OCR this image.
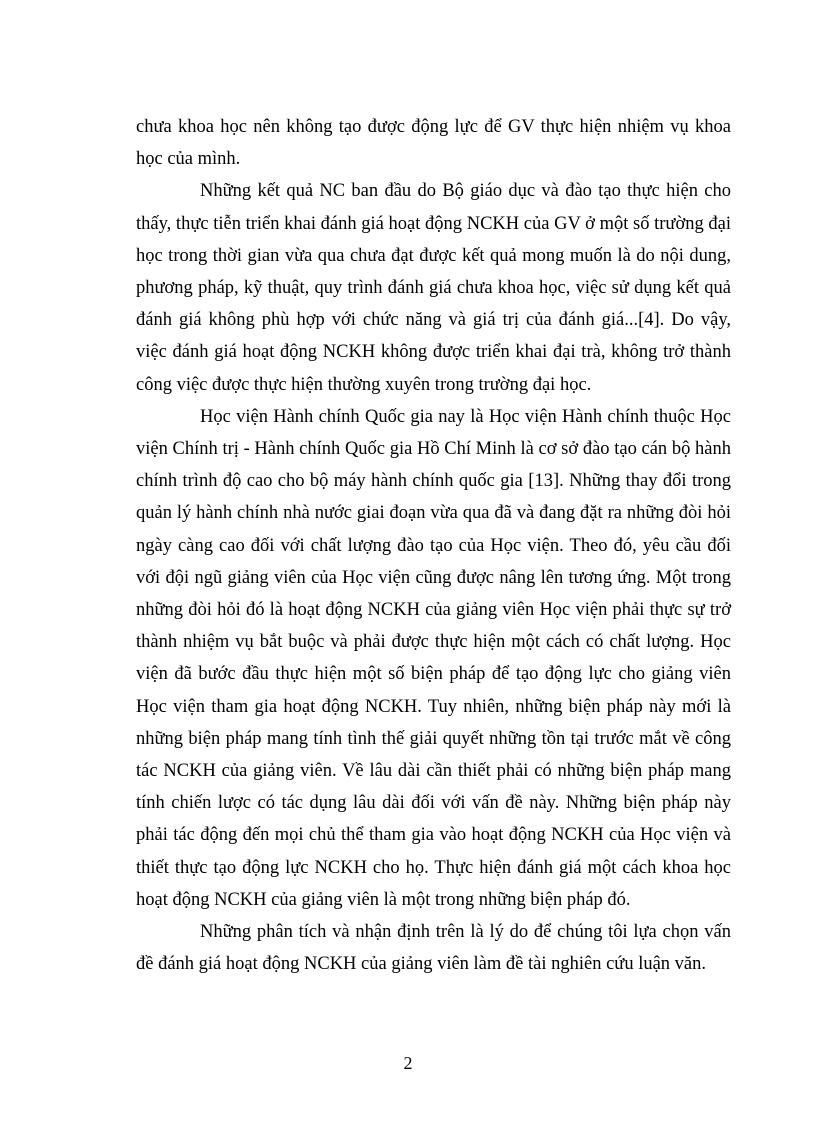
chưa khoa học nên không tạo được động lực để GV thực hiện nhiệm vụ khoa học của mình.

Những kết quả NC ban đầu do Bộ giáo dục và đào tạo thực hiện cho thấy, thực tiễn triển khai đánh giá hoạt động NCKH của GV ở một số trường đại học trong thời gian vừa qua chưa đạt được kết quả mong muốn là do nội dung, phương pháp, kỹ thuật, quy trình đánh giá chưa khoa học, việc sử dụng kết quả đánh giá không phù hợp với chức năng và giá trị của đánh giá...[4]. Do vậy, việc đánh giá hoạt động NCKH không được triển khai đại trà, không trở thành công việc được thực hiện thường xuyên trong trường đại học.

Học viện Hành chính Quốc gia nay là Học viện Hành chính thuộc Học viện Chính trị - Hành chính Quốc gia Hồ Chí Minh là cơ sở đào tạo cán bộ hành chính trình độ cao cho bộ máy hành chính quốc gia [13]. Những thay đổi trong quản lý hành chính nhà nước giai đoạn vừa qua đã và đang đặt ra những đòi hỏi ngày càng cao đối với chất lượng đào tạo của Học viện. Theo đó, yêu cầu đối với đội ngũ giảng viên của Học viện cũng được nâng lên tương ứng. Một trong những đòi hỏi đó là hoạt động NCKH của giảng viên Học viện phải thực sự trở thành nhiệm vụ bắt buộc và phải được thực hiện một cách có chất lượng. Học viện đã bước đầu thực hiện một số biện pháp để tạo động lực cho giảng viên Học viện tham gia hoạt động NCKH. Tuy nhiên, những biện pháp này mới là những biện pháp mang tính tình thế giải quyết những tồn tại trước mắt về công tác NCKH của giảng viên. Về lâu dài cần thiết phải có những biện pháp mang tính chiến lược có tác dụng lâu dài đối với vấn đề này. Những biện pháp này phải tác động đến mọi chủ thể tham gia vào hoạt động NCKH của Học viện và thiết thực tạo động lực NCKH cho họ. Thực hiện đánh giá một cách khoa học hoạt động NCKH của giảng viên là một trong những biện pháp đó.

Những phân tích và nhận định trên là lý do để chúng tôi lựa chọn vấn đề đánh giá hoạt động NCKH của giảng viên làm đề tài nghiên cứu luận văn.

2
